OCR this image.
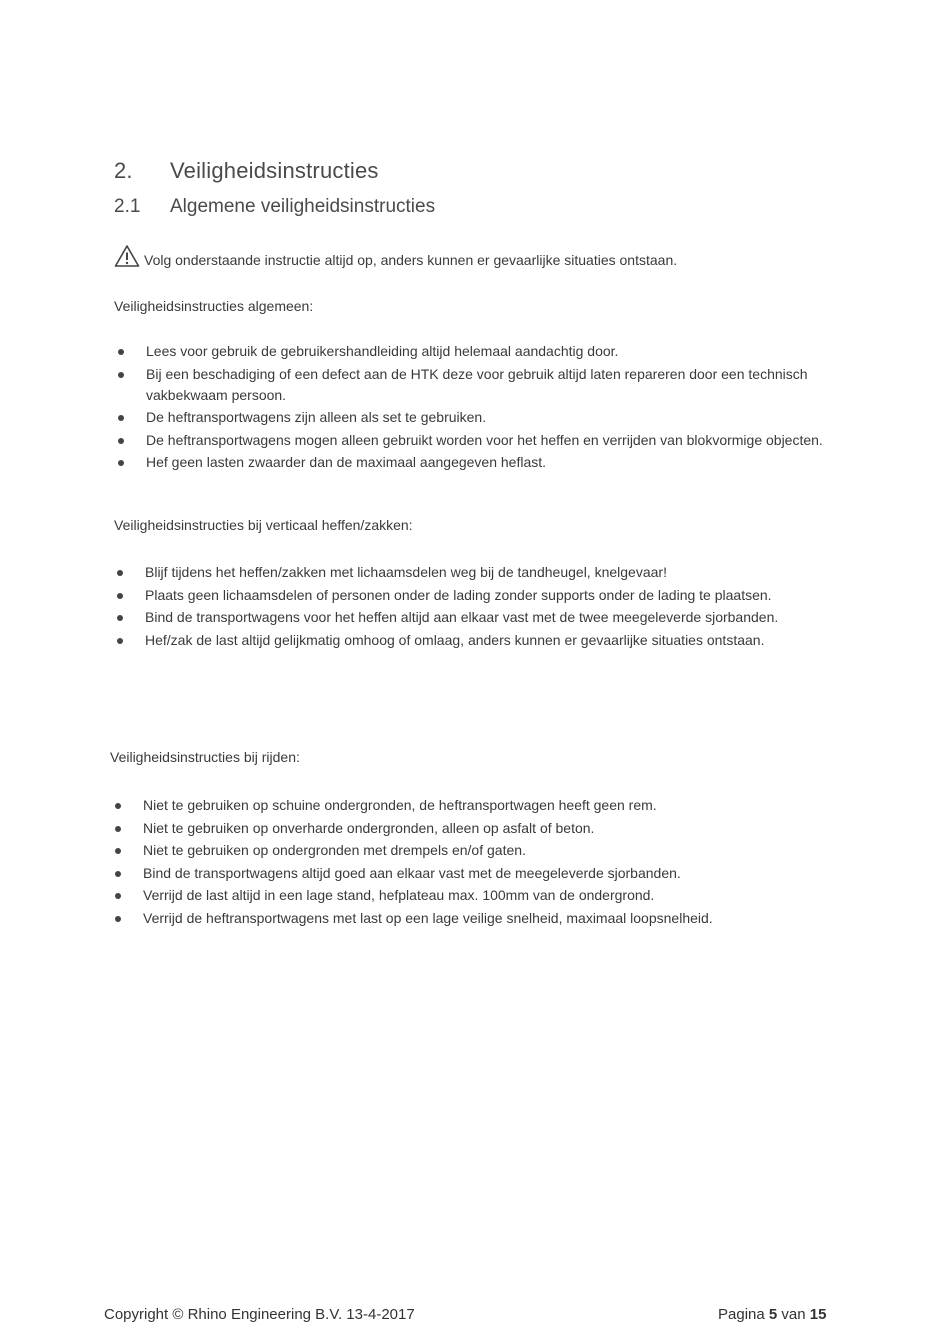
2. Veiligheidsinstructies
2.1 Algemene veiligheidsinstructies
Volg onderstaande instructie altijd op, anders kunnen er gevaarlijke situaties ontstaan.
Veiligheidsinstructies algemeen:
Lees voor gebruik de gebruikershandleiding altijd helemaal aandachtig door.
Bij een beschadiging of een defect aan de HTK deze voor gebruik altijd laten repareren door een technisch vakbekwaam persoon.
De heftransportwagens zijn alleen als set te gebruiken.
De heftransportwagens mogen alleen gebruikt worden voor het heffen en verrijden van blokvormige objecten.
Hef geen lasten zwaarder dan de maximaal aangegeven heflast.
Veiligheidsinstructies bij verticaal heffen/zakken:
Blijf tijdens het heffen/zakken met lichaamsdelen weg bij de tandheugel, knelgevaar!
Plaats geen lichaamsdelen of personen onder de lading zonder supports onder de lading te plaatsen.
Bind de transportwagens voor het heffen altijd aan elkaar vast met de twee meegeleverde sjorbanden.
Hef/zak de last altijd gelijkmatig omhoog of omlaag, anders kunnen er gevaarlijke situaties ontstaan.
Veiligheidsinstructies bij rijden:
Niet te gebruiken op schuine ondergronden, de heftransportwagen heeft geen rem.
Niet te gebruiken op onverharde ondergronden, alleen op asfalt of beton.
Niet te gebruiken op ondergronden met drempels en/of gaten.
Bind de transportwagens altijd goed aan elkaar vast met de meegeleverde sjorbanden.
Verrijd de last altijd in een lage stand, hefplateau max. 100mm van de ondergrond.
Verrijd de heftransportwagens met last op een lage veilige snelheid, maximaal loopsnelheid.
Copyright © Rhino Engineering B.V. 13-4-2017	Pagina 5 van 15
